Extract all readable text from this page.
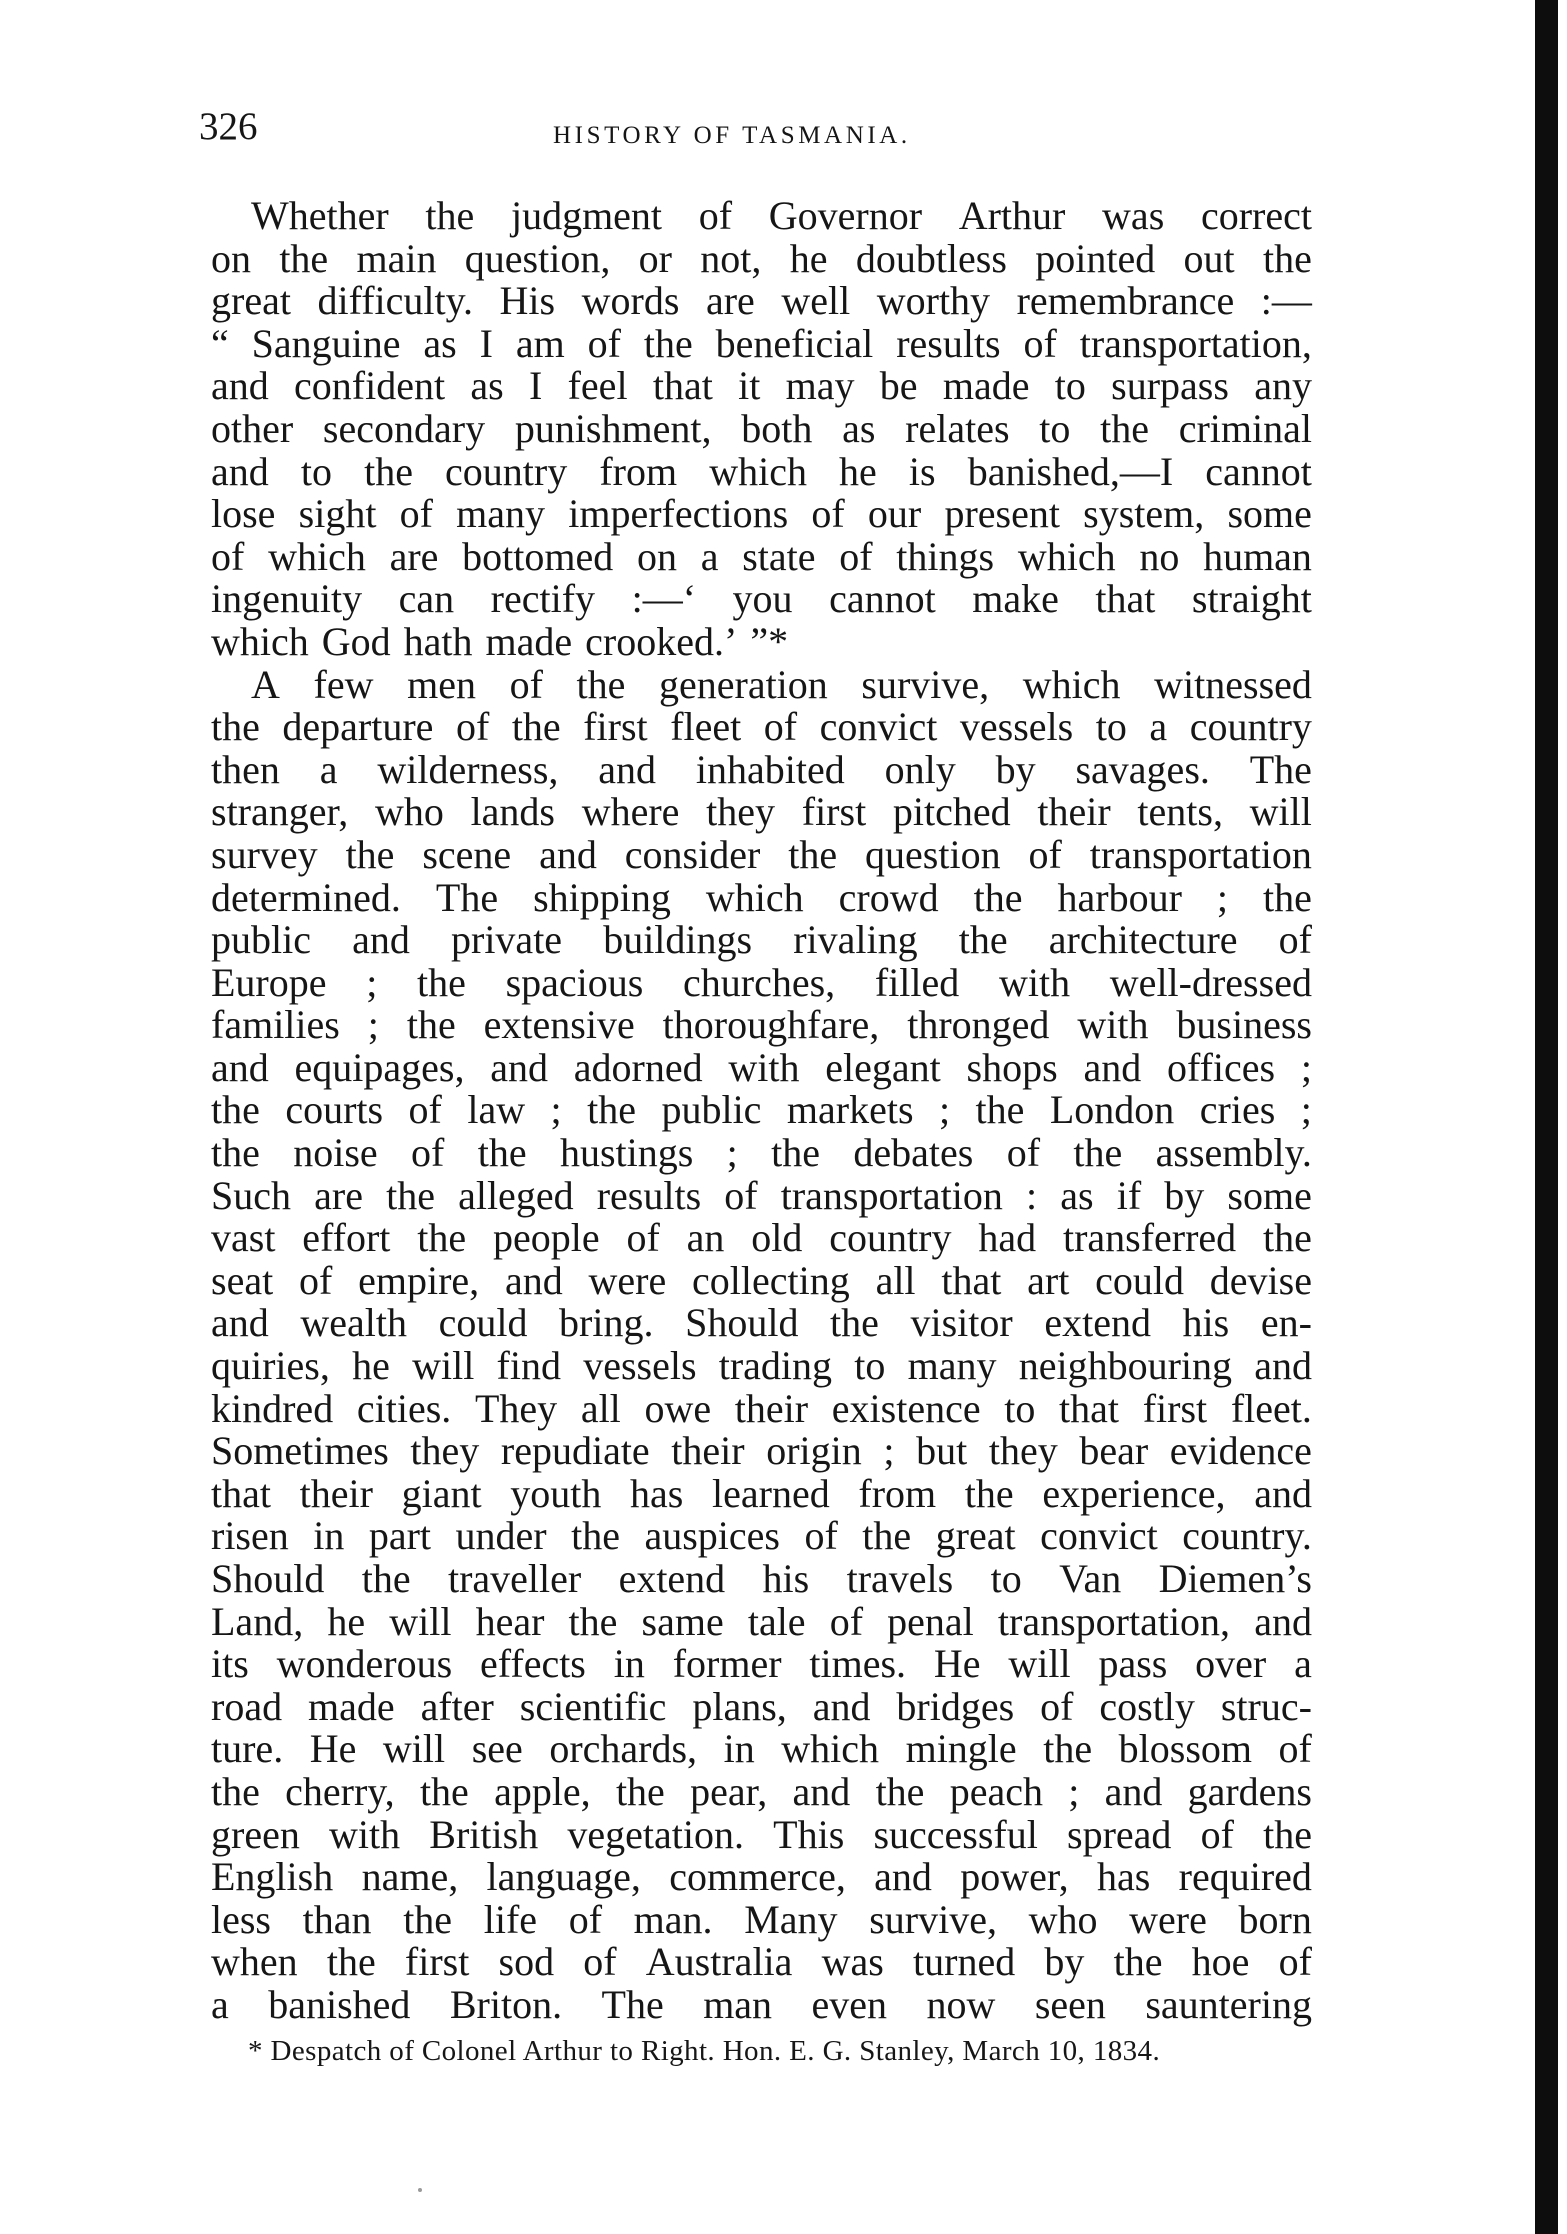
326	HISTORY OF TASMANIA.
Whether the judgment of Governor Arthur was correct
on the main question, or not, he doubtless pointed out the
great difficulty. His words are well worthy remembrance :—
“ Sanguine as I am of the beneficial results of transportation,
and confident as I feel that it may be made to surpass any
other secondary punishment, both as relates to the criminal
and to the country from which he is banished,—I cannot
lose sight of many imperfections of our present system, some
of which are bottomed on a state of things which no human
ingenuity can rectify :—‘ you cannot make that straight
which God hath made crooked.’ ”*
A few men of the generation survive, which witnessed
the departure of the first fleet of convict vessels to a country
then a wilderness, and inhabited only by savages. The
stranger, who lands where they first pitched their tents, will
survey the scene and consider the question of transportation
determined. The shipping which crowd the harbour ; the
public and private buildings rivaling the architecture of
Europe ; the spacious churches, filled with well-dressed
families ; the extensive thoroughfare, thronged with business
and equipages, and adorned with elegant shops and offices ;
the courts of law ; the public markets ; the London cries ;
the noise of the hustings ; the debates of the assembly.
Such are the alleged results of transportation : as if by some
vast effort the people of an old country had transferred the
seat of empire, and were collecting all that art could devise
and wealth could bring. Should the visitor extend his en-
quiries, he will find vessels trading to many neighbouring and
kindred cities. They all owe their existence to that first fleet.
Sometimes they repudiate their origin ; but they bear evidence
that their giant youth has learned from the experience, and
risen in part under the auspices of the great convict country.
Should the traveller extend his travels to Van Diemen’s
Land, he will hear the same tale of penal transportation, and
its wonderous effects in former times. He will pass over a
road made after scientific plans, and bridges of costly struc-
ture. He will see orchards, in which mingle the blossom of
the cherry, the apple, the pear, and the peach ; and gardens
green with British vegetation. This successful spread of the
English name, language, commerce, and power, has required
less than the life of man. Many survive, who were born
when the first sod of Australia was turned by the hoe of
a banished Briton. The man even now seen sauntering
* Despatch of Colonel Arthur to Right. Hon. E. G. Stanley, March 10, 1834.
